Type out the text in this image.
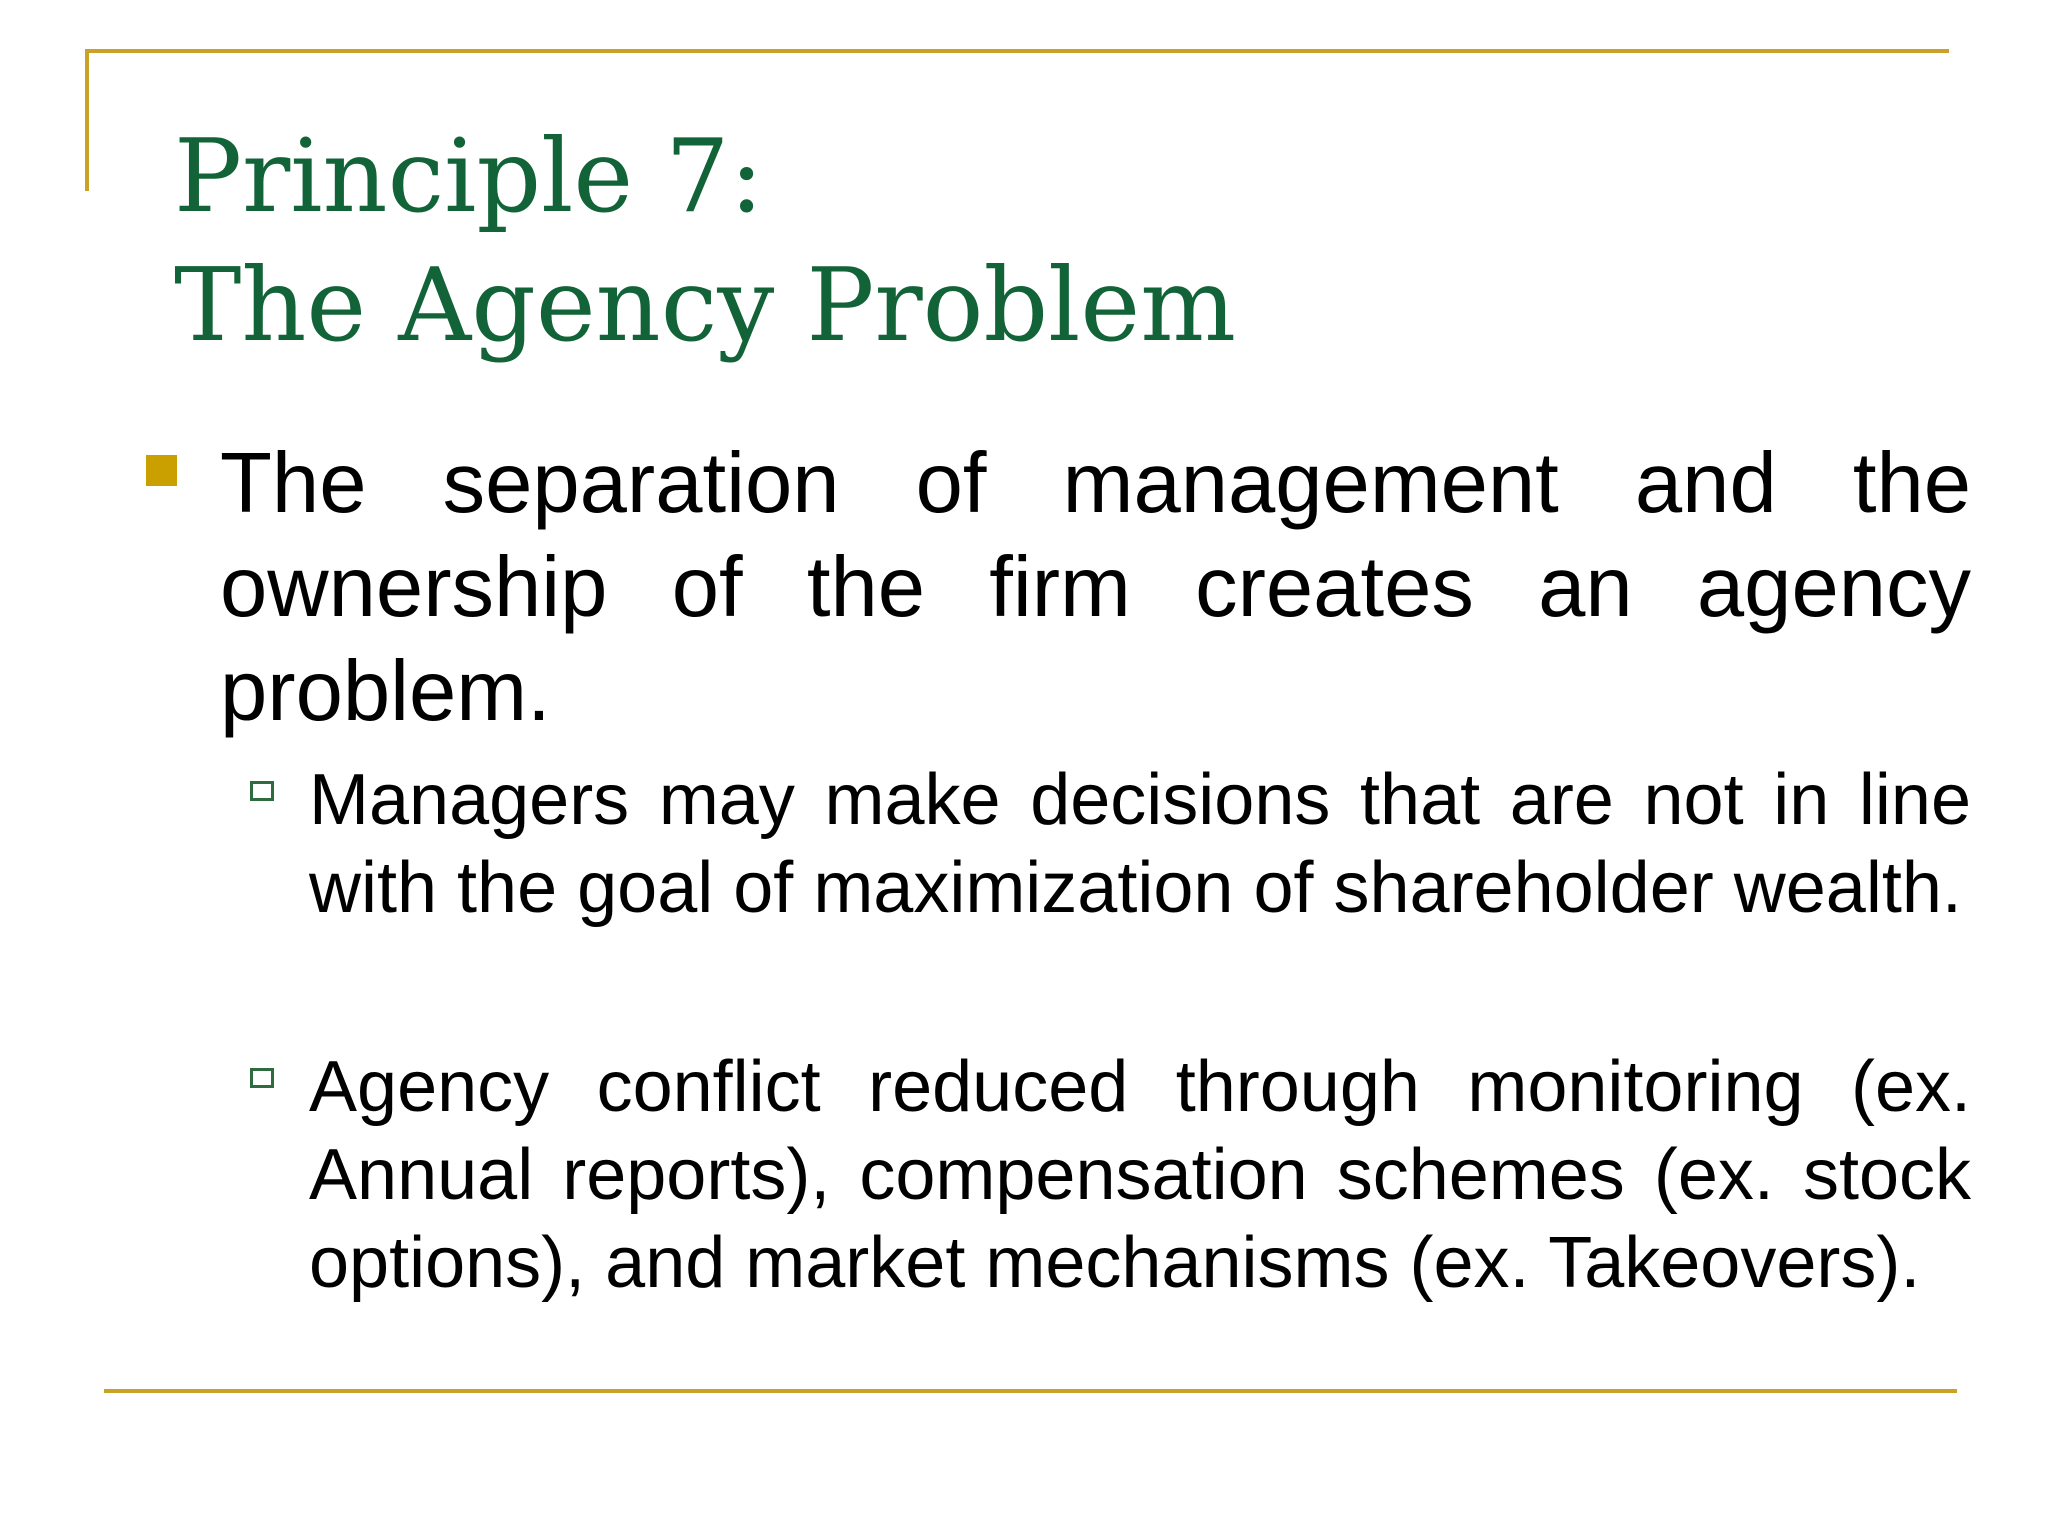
Principle 7:
The Agency Problem
The separation of management and the ownership of the firm creates an agency problem.
Managers may make decisions that are not in line with the goal of maximization of shareholder wealth.
Agency conflict reduced through monitoring (ex. Annual reports), compensation schemes (ex. stock options), and market mechanisms (ex. Takeovers).
